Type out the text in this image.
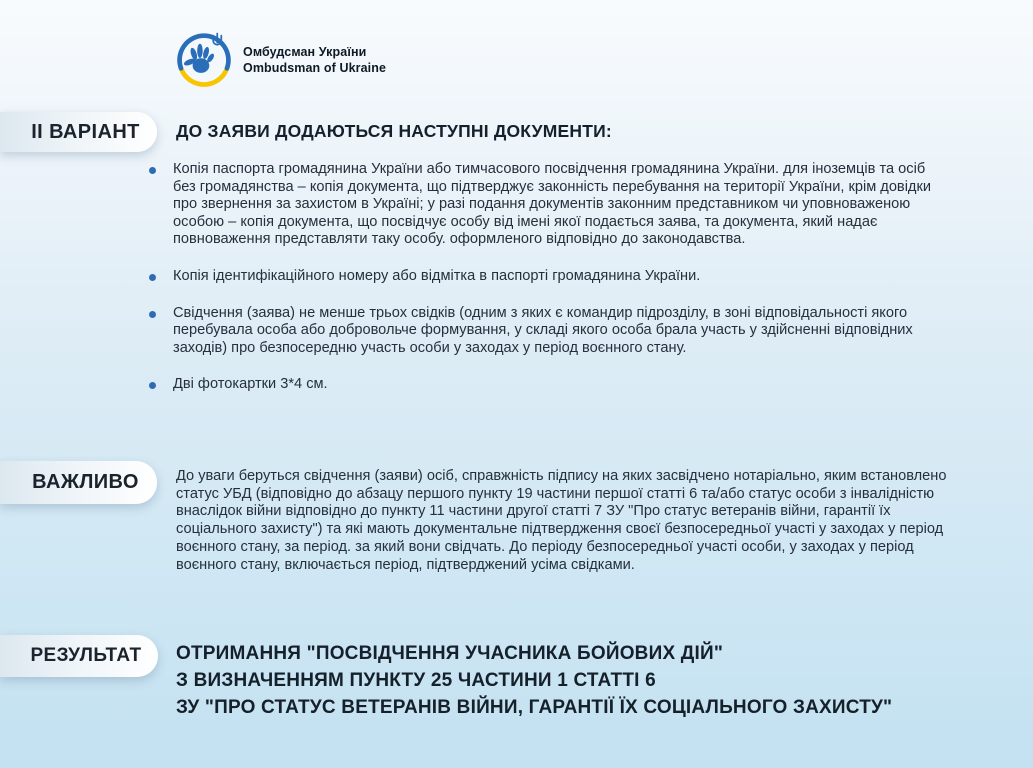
Омбудсман України
Ombudsman of Ukraine
ІІ ВАРІАНТ	ДО ЗАЯВИ ДОДАЮТЬСЯ НАСТУПНІ ДОКУМЕНТИ:
Копія паспорта громадянина України або тимчасового посвідчення громадянина України. для іноземців та осіб без громадянства – копія документа, що підтверджує законність перебування на території України, крім довідки про звернення за захистом в Україні; у разі подання документів законним представником чи уповноваженою особою – копія документа, що посвідчує особу від імені якої подається заява, та документа, який надає повноваження представляти таку особу. оформленого відповідно до законодавства.
Копія ідентифікаційного номеру або відмітка в паспорті громадянина України.
Свідчення (заява) не менше трьох свідків (одним з яких є командир підрозділу, в зоні відповідальності якого перебувала особа або добровольче формування, у складі якого особа брала участь у здійсненні відповідних заходів) про безпосередню участь особи у заходах у період воєнного стану.
Дві фотокартки 3*4 см.
ВАЖЛИВО	До уваги беруться свідчення (заяви) осіб, справжність підпису на яких засвідчено нотаріально, яким встановлено статус УБД (відповідно до абзацу першого пункту 19 частини першої статті 6 та/або статус особи з інвалідністю внаслідок війни відповідно до пункту 11 частини другої статті 7 ЗУ "Про статус ветеранів війни, гарантії їх соціального захисту") та які мають документальне підтвердження своєї безпосередньої участі у заходах у період воєнного стану, за період. за який вони свідчать. До періоду безпосередньої участі особи, у заходах у період воєнного стану, включається період, підтверджений усіма свідками.
РЕЗУЛЬТАТ	ОТРИМАННЯ "ПОСВІДЧЕННЯ УЧАСНИКА БОЙОВИХ ДІЙ"
З ВИЗНАЧЕННЯМ ПУНКТУ 25 ЧАСТИНИ 1 СТАТТІ 6
ЗУ "ПРО СТАТУС ВЕТЕРАНІВ ВІЙНИ, ГАРАНТІЇ ЇХ СОЦІАЛЬНОГО ЗАХИСТУ"
